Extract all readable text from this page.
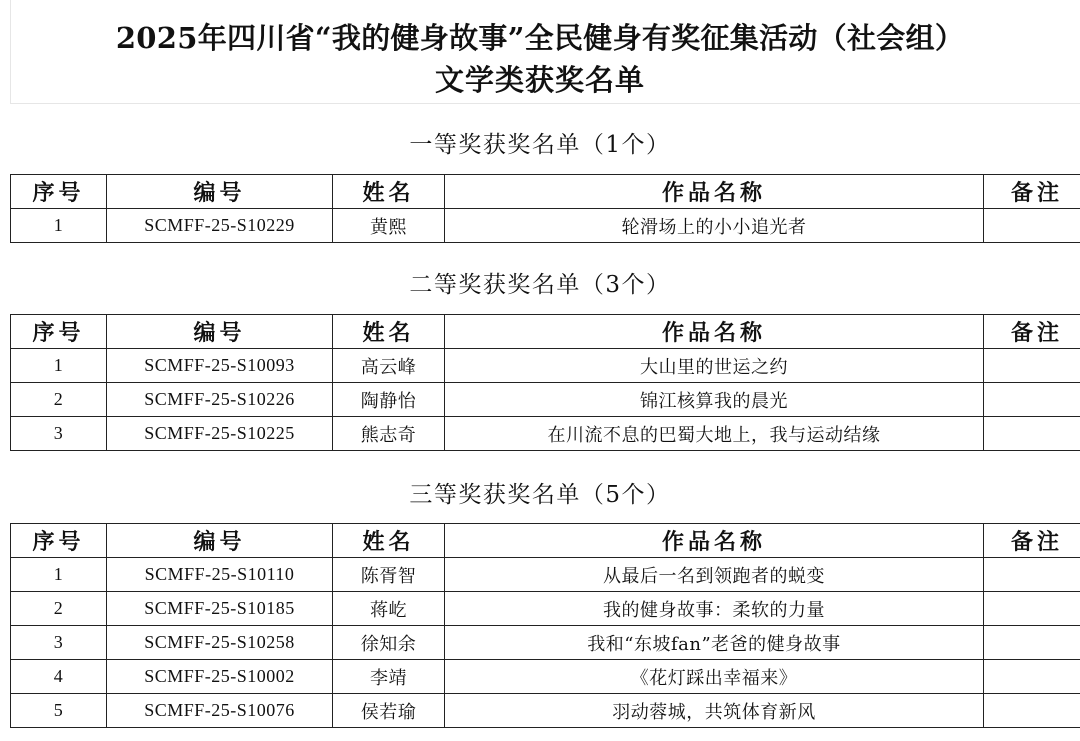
2025年四川省“我的健身故事”全民健身有奖征集活动（社会组）
文学类获奖名单
一等奖获奖名单（1个）
序号	编号	姓名	作品名称	备注
1	SCMFF-25-S10229	黄熙	轮滑场上的小小追光者	
二等奖获奖名单（3个）
序号	编号	姓名	作品名称	备注
1	SCMFF-25-S10093	高云峰	大山里的世运之约	
2	SCMFF-25-S10226	陶静怡	锦江核算我的晨光	
3	SCMFF-25-S10225	熊志奇	在川流不息的巴蜀大地上，我与运动结缘	
三等奖获奖名单（5个）
序号	编号	姓名	作品名称	备注
1	SCMFF-25-S10110	陈胥智	从最后一名到领跑者的蜕变	
2	SCMFF-25-S10185	蒋屹	我的健身故事：柔软的力量	
3	SCMFF-25-S10258	徐知余	我和“东坡fan”老爸的健身故事	
4	SCMFF-25-S10002	李靖	《花灯踩出幸福来》	
5	SCMFF-25-S10076	侯若瑜	羽动蓉城，共筑体育新风	
